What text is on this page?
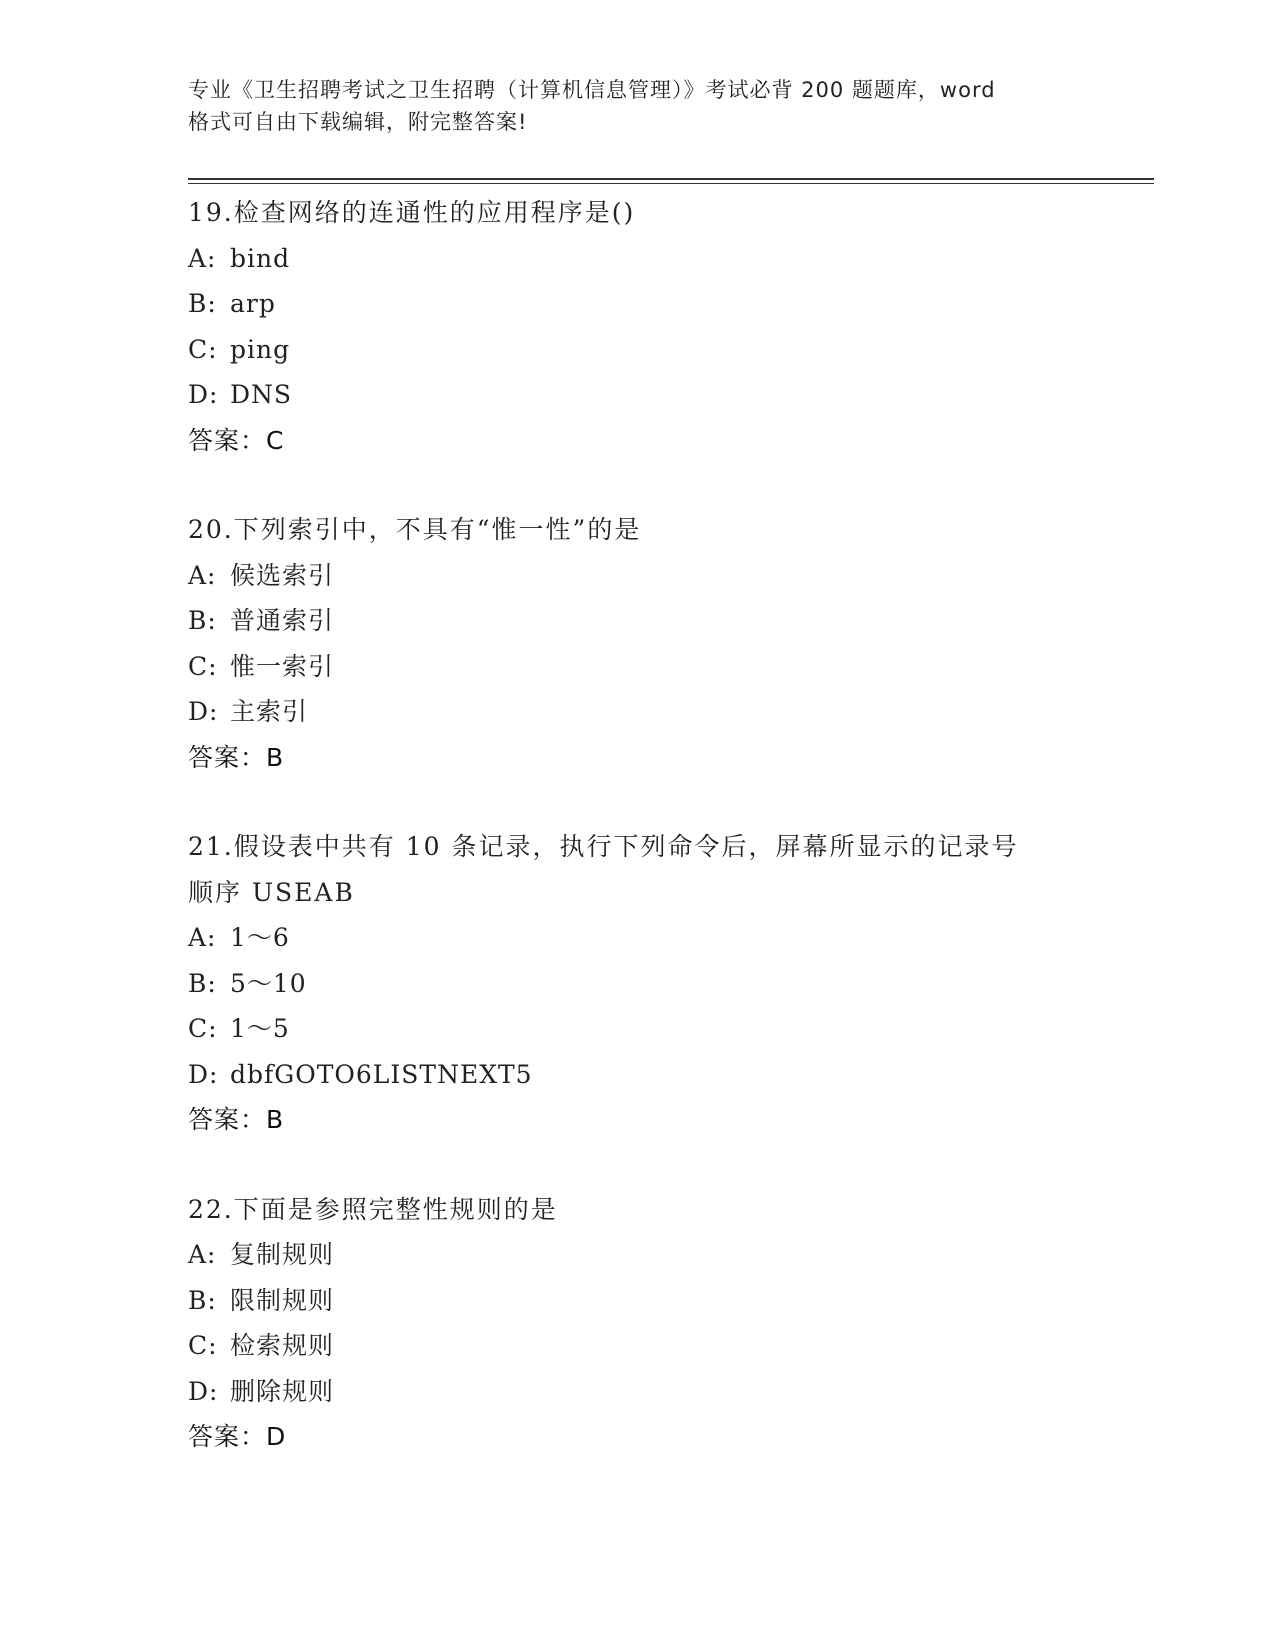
专业《卫生招聘考试之卫生招聘（计算机信息管理）》考试必背 200 题题库，word
格式可自由下载编辑，附完整答案!
19.检查网络的连通性的应用程序是()
A: bind
B: arp
C: ping
D: DNS
答案：C
20.下列索引中，不具有“惟一性”的是
A: 候选索引
B: 普通索引
C: 惟一索引
D: 主索引
答案：B
21.假设表中共有 10 条记录，执行下列命令后，屏幕所显示的记录号
顺序 USEAB
A: 1～6
B: 5～10
C: 1～5
D: dbfGOTO6LISTNEXT5
答案：B
22.下面是参照完整性规则的是
A: 复制规则
B: 限制规则
C: 检索规则
D: 删除规则
答案：D
